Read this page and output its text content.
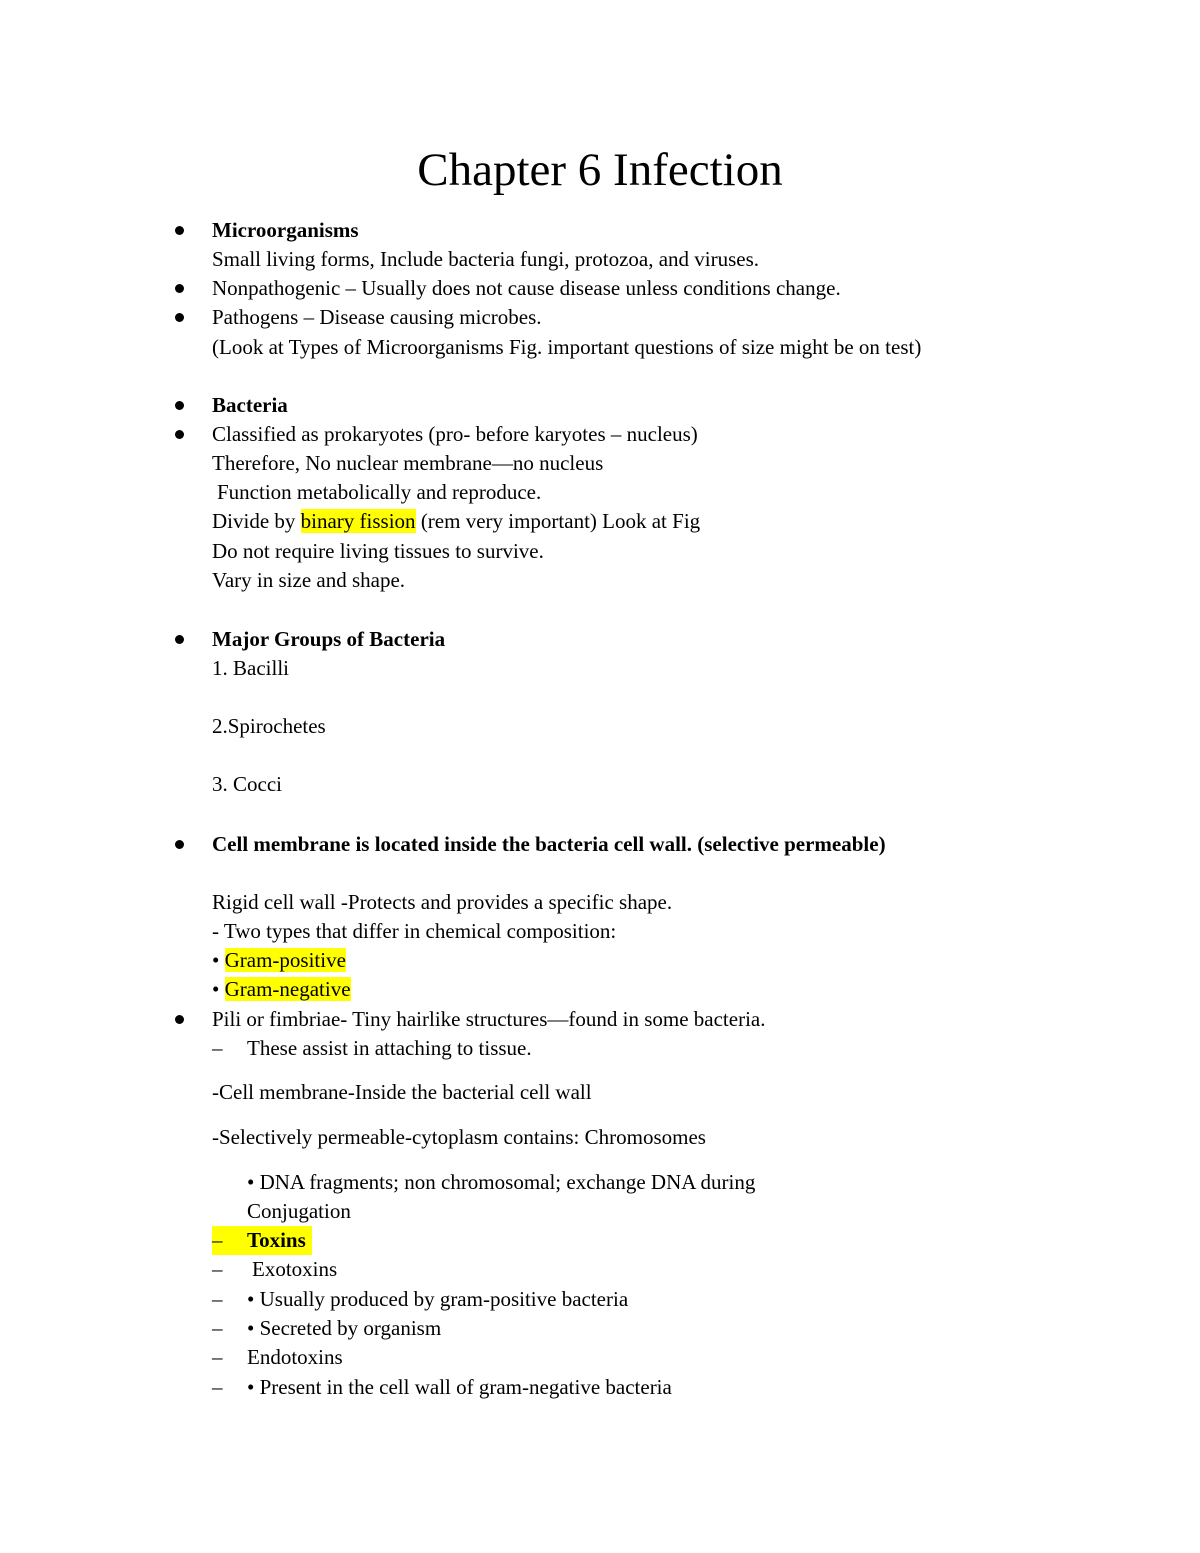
Chapter 6 Infection
Microorganisms
Small living forms, Include bacteria fungi, protozoa, and viruses.
Nonpathogenic – Usually does not cause disease unless conditions change.
Pathogens – Disease causing microbes.
(Look at Types of Microorganisms Fig. important questions of size might be on test)
Bacteria
Classified as prokaryotes (pro- before karyotes – nucleus)
Therefore, No nuclear membrane—no nucleus
Function metabolically and reproduce.
Divide by binary fission (rem very important) Look at Fig
Do not require living tissues to survive.
Vary in size and shape.
Major Groups of Bacteria
1. Bacilli
2.Spirochetes
3. Cocci
Cell membrane is located inside the bacteria cell wall. (selective permeable)
Rigid cell wall -Protects and provides a specific shape.
- Two types that differ in chemical composition:
• Gram-positive
• Gram-negative
Pili or fimbriae- Tiny hairlike structures—found in some bacteria.
– These assist in attaching to tissue.
-Cell membrane-Inside the bacterial cell wall
-Selectively permeable-cytoplasm contains: Chromosomes
• DNA fragments; non chromosomal; exchange DNA during
Conjugation
–	Toxins
– Exotoxins
– • Usually produced by gram-positive bacteria
– • Secreted by organism
– Endotoxins
– • Present in the cell wall of gram-negative bacteria
